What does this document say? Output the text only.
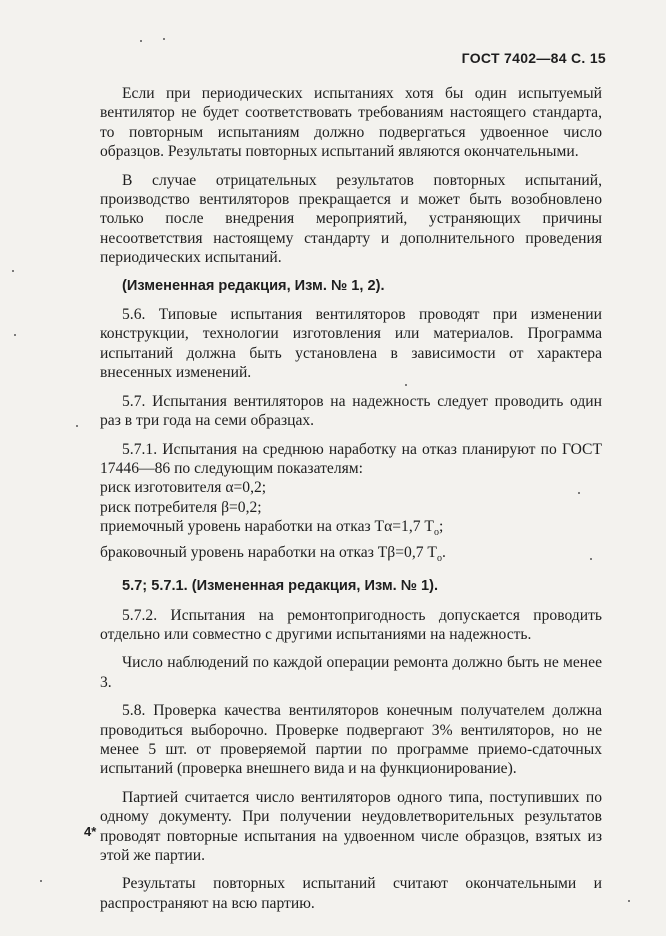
ГОСТ 7402—84 С. 15

Если при периодических испытаниях хотя бы один испытуемый вентилятор не будет соответствовать требованиям настоящего стандарта, то повторным испытаниям должно подвергаться удвоенное число образцов. Результаты повторных испытаний являются окончательными.

В случае отрицательных результатов повторных испытаний, производство вентиляторов прекращается и может быть возобновлено только после внедрения мероприятий, устраняющих причины несоответствия настоящему стандарту и дополнительного проведения периодических испытаний.

(Измененная редакция, Изм. № 1, 2).

5.6. Типовые испытания вентиляторов проводят при изменении конструкции, технологии изготовления или материалов. Программа испытаний должна быть установлена в зависимости от характера внесенных изменений.

5.7. Испытания вентиляторов на надежность следует проводить один раз в три года на семи образцах.

5.7.1. Испытания на среднюю наработку на отказ планируют по ГОСТ 17446—86 по следующим показателям:

риск изготовителя α=0,2;

риск потребителя β=0,2;

приемочный уровень наработки на отказ Tα=1,7 $T_o$;

браковочный уровень наработки на отказ Tβ=0,7 $T_o$.

5.7; 5.7.1. (Измененная редакция, Изм. № 1).

5.7.2. Испытания на ремонтопригодность допускается проводить отдельно или совместно с другими испытаниями на надежность.

Число наблюдений по каждой операции ремонта должно быть не менее 3.

5.8. Проверка качества вентиляторов конечным получателем должна проводиться выборочно. Проверке подвергают 3% вентиляторов, но не менее 5 шт. от проверяемой партии по программе приемо-сдаточных испытаний (проверка внешнего вида и на функционирование).

Партией считается число вентиляторов одного типа, поступивших по одному документу. При получении неудовлетворительных результатов проводят повторные испытания на удвоенном числе образцов, взятых из этой же партии.

Результаты повторных испытаний считают окончательными и распространяют на всю партию.

4*
